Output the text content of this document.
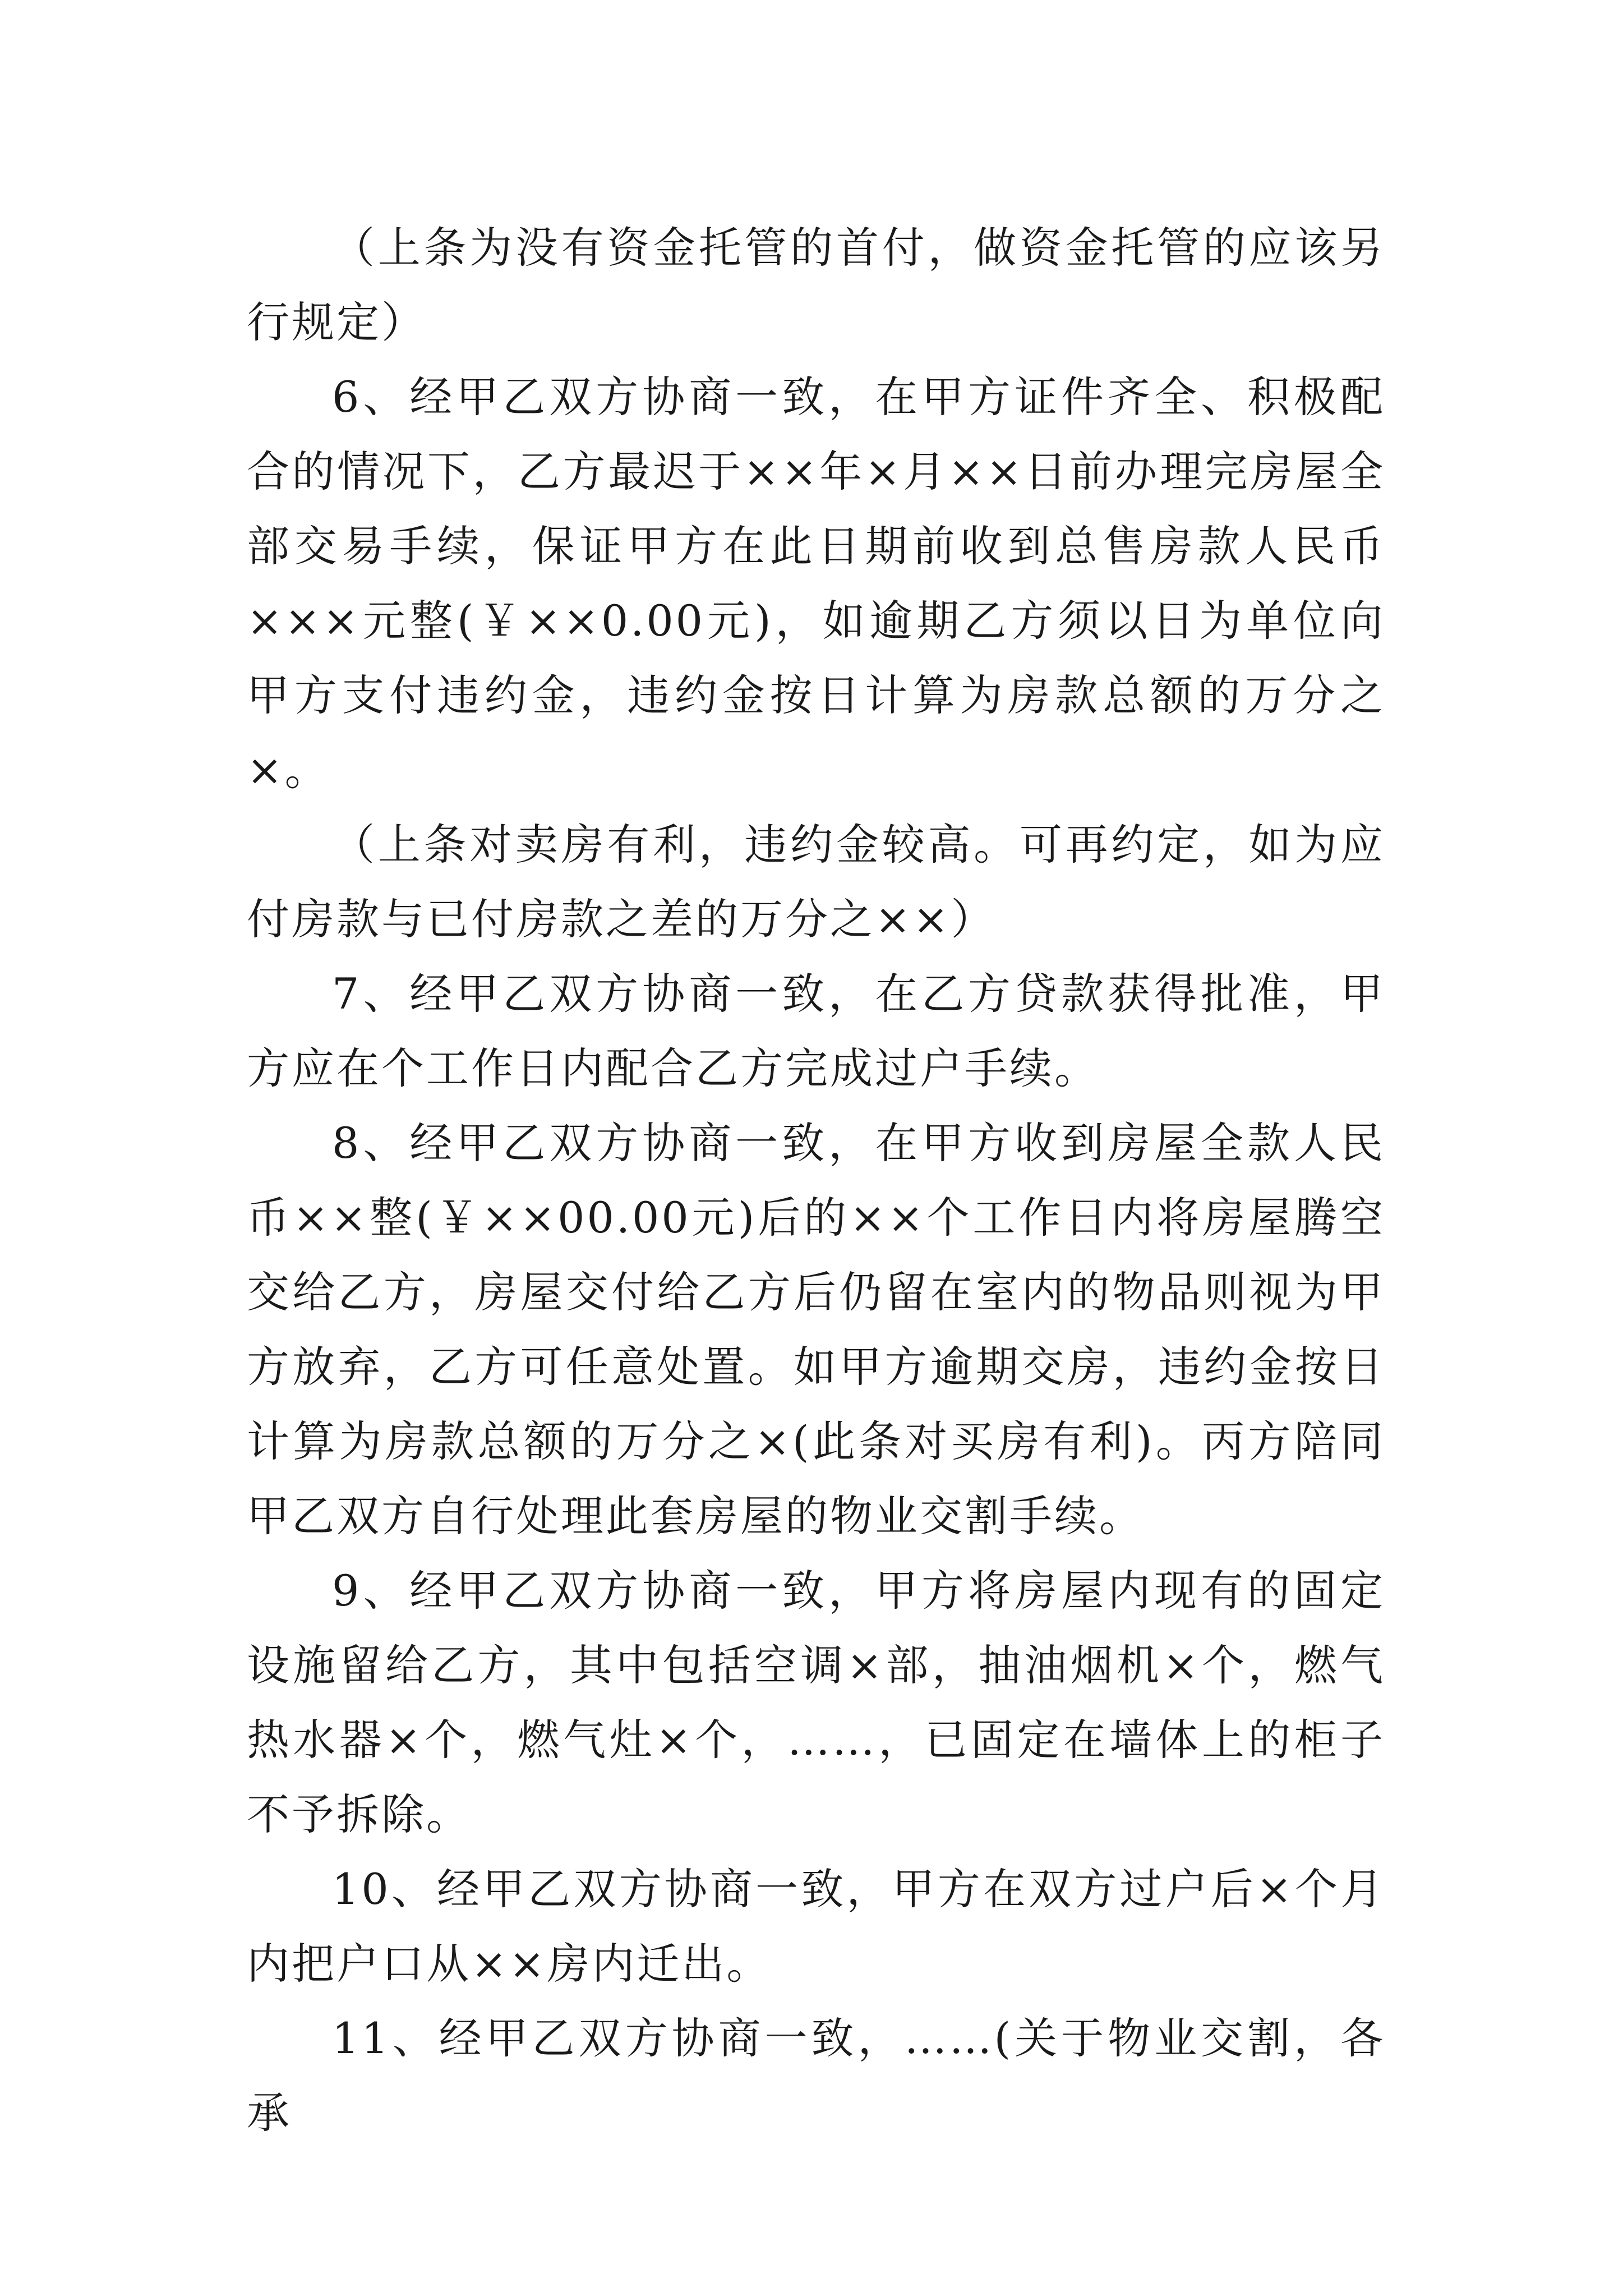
（上条为没有资金托管的首付，做资金托管的应该另行规定）

6、经甲乙双方协商一致，在甲方证件齐全、积极配合的情况下，乙方最迟于××年×月××日前办理完房屋全部交易手续，保证甲方在此日期前收到总售房款人民币×××元整(￥××0.00元)，如逾期乙方须以日为单位向甲方支付违约金，违约金按日计算为房款总额的万分之×。

（上条对卖房有利，违约金较高。可再约定，如为应付房款与已付房款之差的万分之××）

7、经甲乙双方协商一致，在乙方贷款获得批准，甲方应在个工作日内配合乙方完成过户手续。

8、经甲乙双方协商一致，在甲方收到房屋全款人民币××整(￥××00.00元)后的××个工作日内将房屋腾空交给乙方，房屋交付给乙方后仍留在室内的物品则视为甲方放弃，乙方可任意处置。如甲方逾期交房，违约金按日计算为房款总额的万分之×(此条对买房有利)。丙方陪同甲乙双方自行处理此套房屋的物业交割手续。

9、经甲乙双方协商一致，甲方将房屋内现有的固定设施留给乙方，其中包括空调×部，抽油烟机×个，燃气热水器×个，燃气灶×个，……，已固定在墙体上的柜子不予拆除。

10、经甲乙双方协商一致，甲方在双方过户后×个月内把户口从××房内迁出。

11、经甲乙双方协商一致，……(关于物业交割，各承
